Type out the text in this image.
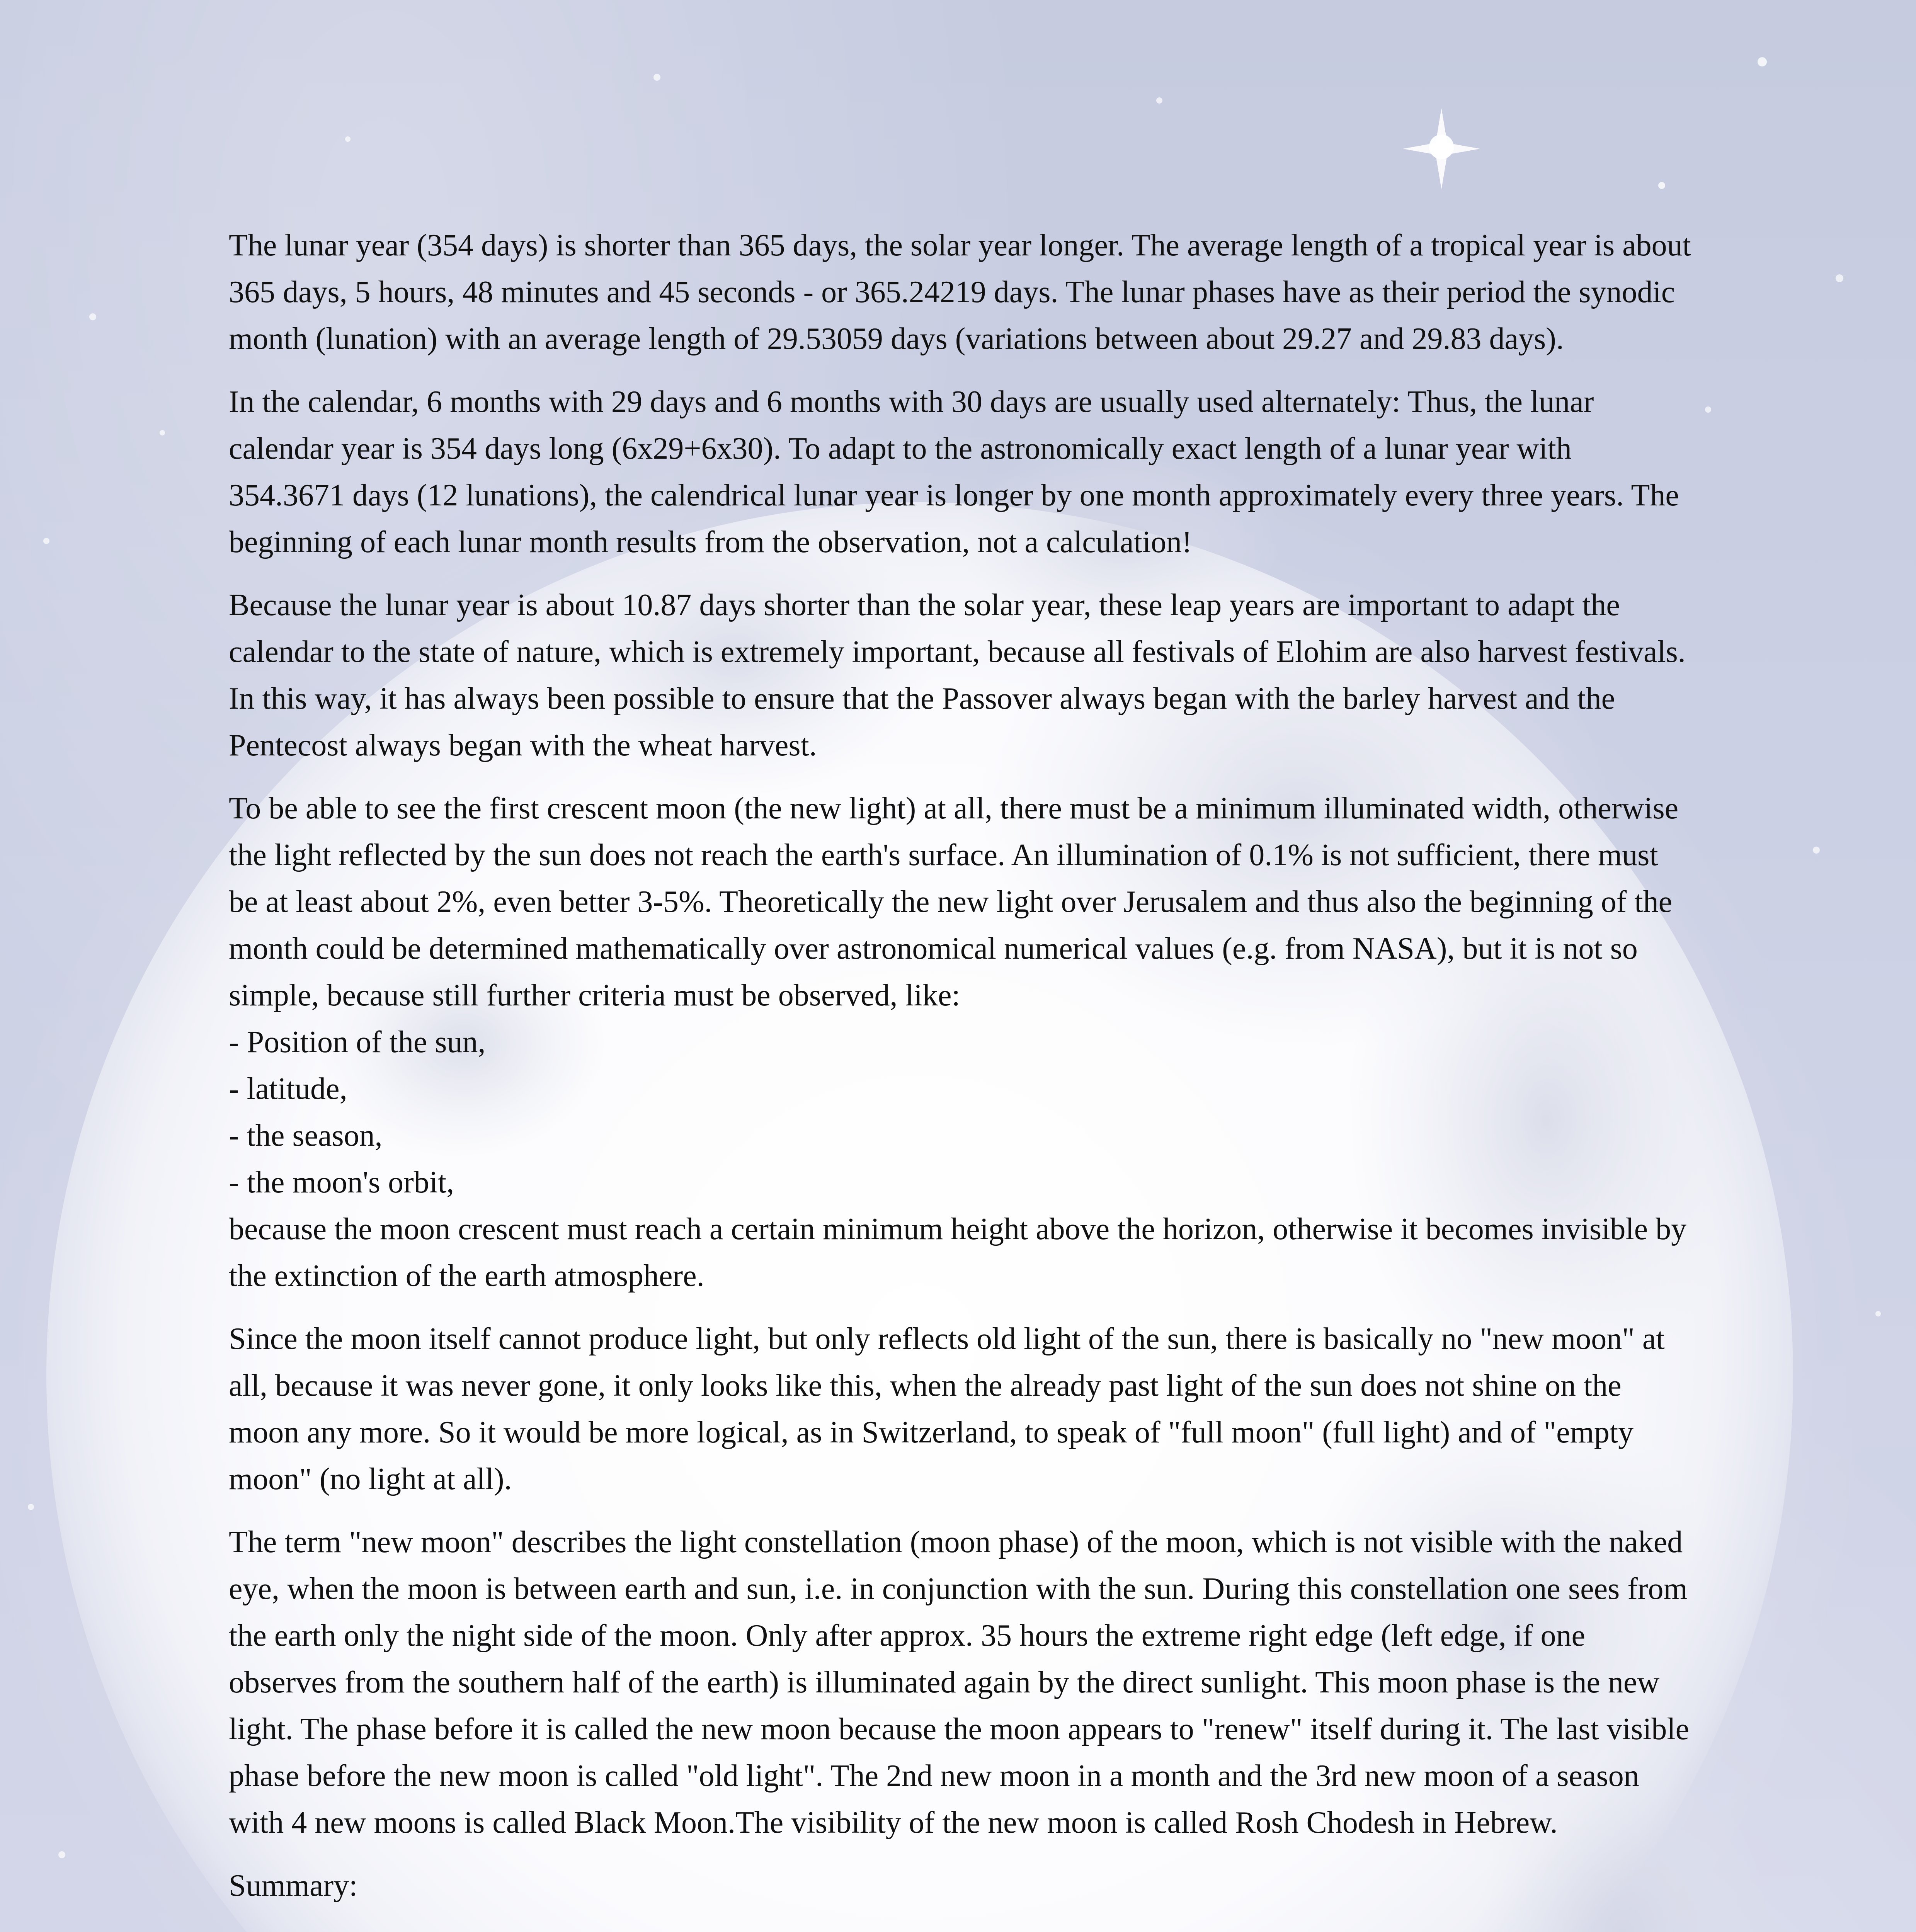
The lunar year (354 days) is shorter than 365 days, the solar year longer. The average length of a tropical year is about 365 days, 5 hours, 48 minutes and 45 seconds - or 365.24219 days. The lunar phases have as their period the synodic month (lunation) with an average length of 29.53059 days (variations between about 29.27 and 29.83 days).

In the calendar, 6 months with 29 days and 6 months with 30 days are usually used alternately: Thus, the lunar calendar year is 354 days long (6x29+6x30). To adapt to the astronomically exact length of a lunar year with 354.3671 days (12 lunations), the calendrical lunar year is longer by one month approximately every three years. The beginning of each lunar month results from the observation, not a calculation!

Because the lunar year is about 10.87 days shorter than the solar year, these leap years are important to adapt the calendar to the state of nature, which is extremely important, because all festivals of Elohim are also harvest festivals. In this way, it has always been possible to ensure that the Passover always began with the barley harvest and the Pentecost always began with the wheat harvest.

To be able to see the first crescent moon (the new light) at all, there must be a minimum illuminated width, otherwise the light reflected by the sun does not reach the earth's surface. An illumination of 0.1% is not sufficient, there must be at least about 2%, even better 3-5%. Theoretically the new light over Jerusalem and thus also the beginning of the month could be determined mathematically over astronomical numerical values (e.g. from NASA), but it is not so simple, because still further criteria must be observed, like:
- Position of the sun,
- latitude,
- the season,
- the moon's orbit,
because the moon crescent must reach a certain minimum height above the horizon, otherwise it becomes invisible by the extinction of the earth atmosphere.

Since the moon itself cannot produce light, but only reflects old light of the sun, there is basically no "new moon" at all, because it was never gone, it only looks like this, when the already past light of the sun does not shine on the moon any more. So it would be more logical, as in Switzerland, to speak of "full moon" (full light) and of "empty moon" (no light at all).

The term "new moon" describes the light constellation (moon phase) of the moon, which is not visible with the naked eye, when the moon is between earth and sun, i.e. in conjunction with the sun. During this constellation one sees from the earth only the night side of the moon. Only after approx. 35 hours the extreme right edge (left edge, if one observes from the southern half of the earth) is illuminated again by the direct sunlight. This moon phase is the new light. The phase before it is called the new moon because the moon appears to "renew" itself during it. The last visible phase before the new moon is called "old light". The 2nd new moon in a month and the 3rd new moon of a season with 4 new moons is called Black Moon.The visibility of the new moon is called Rosh Chodesh in Hebrew.

Summary:
